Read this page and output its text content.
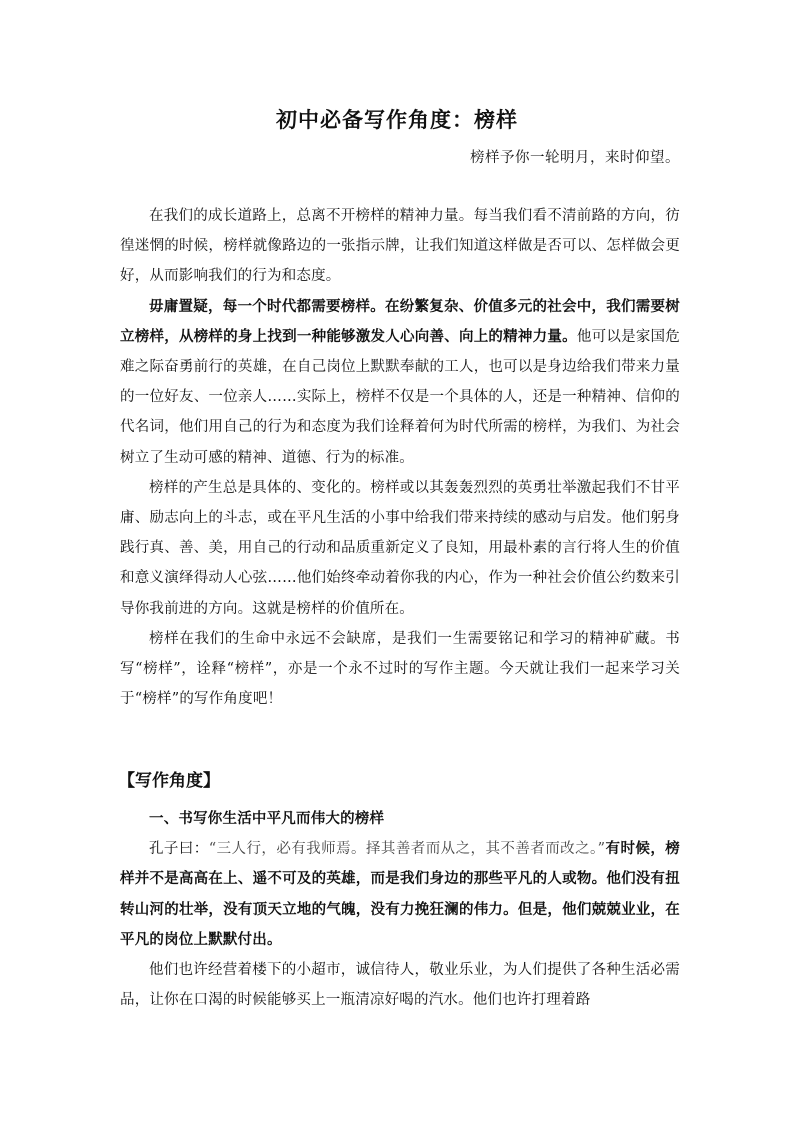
初中必备写作角度：榜样
榜样予你一轮明月，来时仰望。

在我们的成长道路上，总离不开榜样的精神力量。每当我们看不清前路的方向，彷徨迷惘的时候，榜样就像路边的一张指示牌，让我们知道这样做是否可以、怎样做会更好，从而影响我们的行为和态度。

毋庸置疑，每一个时代都需要榜样。在纷繁复杂、价值多元的社会中，我们需要树立榜样，从榜样的身上找到一种能够激发人心向善、向上的精神力量。他可以是家国危难之际奋勇前行的英雄，在自己岗位上默默奉献的工人，也可以是身边给我们带来力量的一位好友、一位亲人……实际上，榜样不仅是一个具体的人，还是一种精神、信仰的代名词，他们用自己的行为和态度为我们诠释着何为时代所需的榜样，为我们、为社会树立了生动可感的精神、道德、行为的标准。

榜样的产生总是具体的、变化的。榜样或以其轰轰烈烈的英勇壮举激起我们不甘平庸、励志向上的斗志，或在平凡生活的小事中给我们带来持续的感动与启发。他们躬身践行真、善、美，用自己的行动和品质重新定义了良知，用最朴素的言行将人生的价值和意义演绎得动人心弦……他们始终牵动着你我的内心，作为一种社会价值公约数来引导你我前进的方向。这就是榜样的价值所在。

榜样在我们的生命中永远不会缺席，是我们一生需要铭记和学习的精神矿藏。书写“榜样”，诠释“榜样”，亦是一个永不过时的写作主题。今天就让我们一起来学习关于“榜样”的写作角度吧！

【写作角度】

一、书写你生活中平凡而伟大的榜样

孔子曰：“三人行，必有我师焉。择其善者而从之，其不善者而改之。”有时候，榜样并不是高高在上、遥不可及的英雄，而是我们身边的那些平凡的人或物。他们没有扭转山河的壮举，没有顶天立地的气魄，没有力挽狂澜的伟力。但是，他们兢兢业业，在平凡的岗位上默默付出。

他们也许经营着楼下的小超市，诚信待人，敬业乐业，为人们提供了各种生活必需品，让你在口渴的时候能够买上一瓶清凉好喝的汽水。他们也许打理着路
